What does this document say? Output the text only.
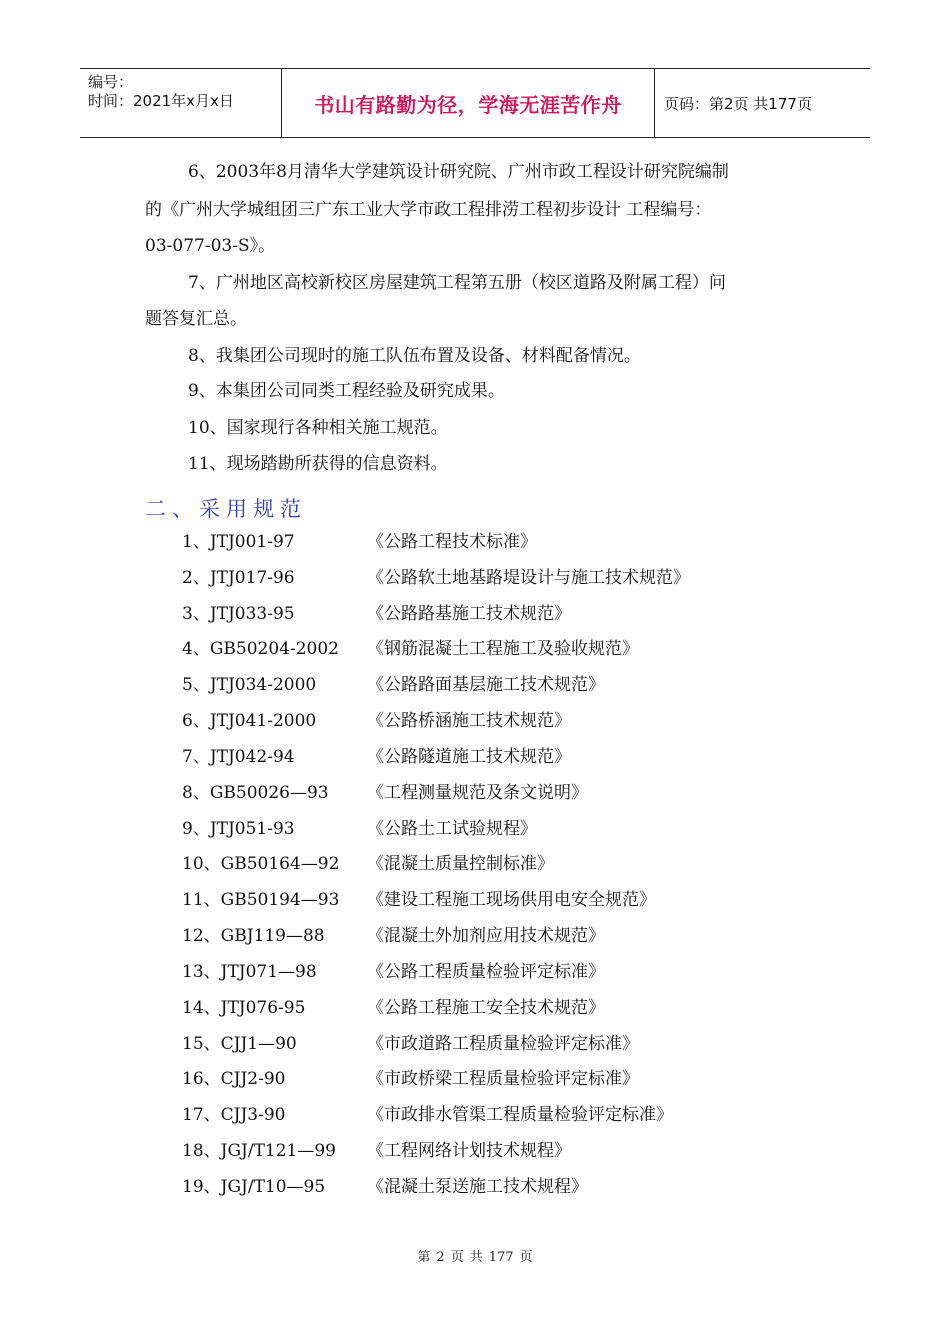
编号：
时间：2021年x月x日	书山有路勤为径，学海无涯苦作舟	页码：第2页 共177页
6、2003年8月清华大学建筑设计研究院、广州市政工程设计研究院编制
的《广州大学城组团三广东工业大学市政工程排涝工程初步设计 工程编号：
03-077-03-S》。
7、广州地区高校新校区房屋建筑工程第五册（校区道路及附属工程）问
题答复汇总。
8、我集团公司现时的施工队伍布置及设备、材料配备情况。
9、本集团公司同类工程经验及研究成果。
10、国家现行各种相关施工规范。
11、现场踏勘所获得的信息资料。
二、采用规范
1、JTJ001-97	《公路工程技术标准》
2、JTJ017-96	《公路软土地基路堤设计与施工技术规范》
3、JTJ033-95	《公路路基施工技术规范》
4、GB50204-2002 《钢筋混凝土工程施工及验收规范》
5、JTJ034-2000	《公路路面基层施工技术规范》
6、JTJ041-2000	《公路桥涵施工技术规范》
7、JTJ042-94	《公路隧道施工技术规范》
8、GB50026—93 《工程测量规范及条文说明》
9、JTJ051-93	《公路土工试验规程》
10、GB50164—92 《混凝土质量控制标准》
11、GB50194—93 《建设工程施工现场供用电安全规范》
12、GBJ119—88 《混凝土外加剂应用技术规范》
13、JTJ071—98	《公路工程质量检验评定标准》
14、JTJ076-95	《公路工程施工安全技术规范》
15、CJJ1—90	《市政道路工程质量检验评定标准》
16、CJJ2-90	《市政桥梁工程质量检验评定标准》
17、CJJ3-90	《市政排水管渠工程质量检验评定标准》
18、JGJ/T121—99 《工程网络计划技术规程》
19、JGJ/T10—95 《混凝土泵送施工技术规程》
第 2 页 共 177 页
